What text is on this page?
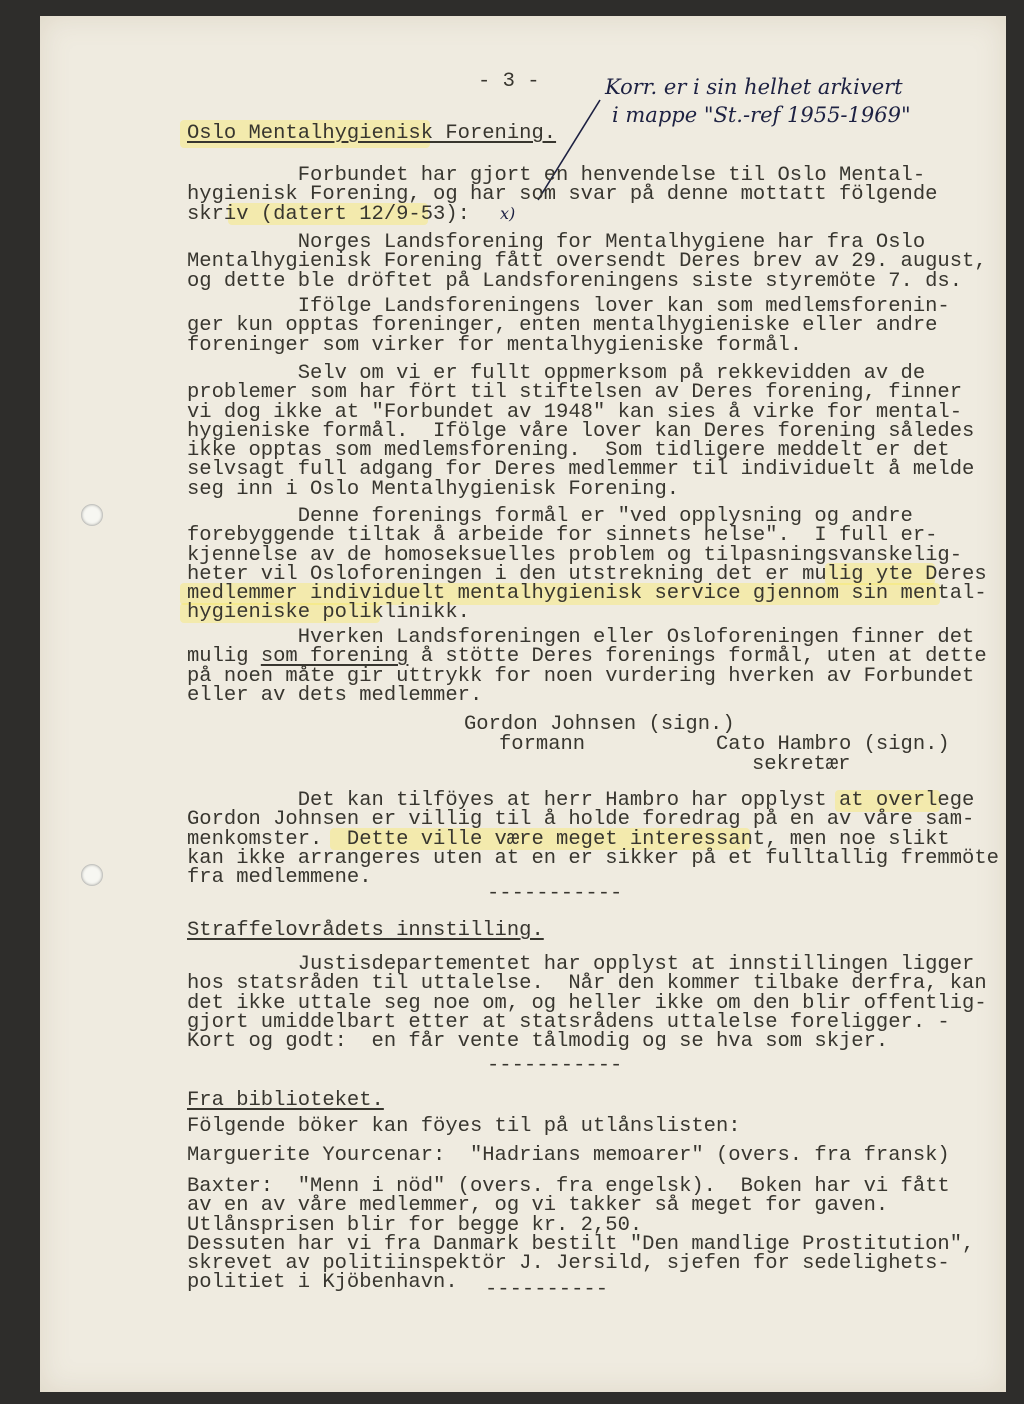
- 3 -	Korr. er i sin helhet arkivert
i mappe "St.-ref 1955-1969"
x)
Oslo Mentalhygienisk Forening.
Forbundet har gjort en henvendelse til Oslo Mental-
hygienisk Forening, og har som svar på denne mottatt fölgende
skriv (datert 12/9-53):
Norges Landsforening for Mentalhygiene har fra Oslo
Mentalhygienisk Forening fått oversendt Deres brev av 29. august,
og dette ble dröftet på Landsforeningens siste styremöte 7. ds.
Ifölge Landsforeningens lover kan som medlemsforenin-
ger kun opptas foreninger, enten mentalhygieniske eller andre
foreninger som virker for mentalhygieniske formål.
Selv om vi er fullt oppmerksom på rekkevidden av de
problemer som har fört til stiftelsen av Deres forening, finner
vi dog ikke at "Forbundet av 1948" kan sies å virke for mental-
hygieniske formål.  Ifölge våre lover kan Deres forening således
ikke opptas som medlemsforening.  Som tidligere meddelt er det
selvsagt full adgang for Deres medlemmer til individuelt å melde
seg inn i Oslo Mentalhygienisk Forening.
Denne forenings formål er "ved opplysning og andre
forebyggende tiltak å arbeide for sinnets helse".  I full er-
kjennelse av de homoseksuelles problem og tilpasningsvanskelig-
heter vil Osloforeningen i den utstrekning det er mulig yte Deres
medlemmer individuelt mentalhygienisk service gjennom sin mental-
hygieniske poliklinikk.
Hverken Landsforeningen eller Osloforeningen finner det
mulig som forening å stötte Deres forenings formål, uten at dette
på noen måte gir uttrykk for noen vurdering hverken av Forbundet
eller av dets medlemmer.
Gordon Johnsen (sign.)
formann	Cato Hambro (sign.)
sekretær
Det kan tilföyes at herr Hambro har opplyst at overlege
Gordon Johnsen er villig til å holde foredrag på en av våre sam-
menkomster.  Dette ville være meget interessant, men noe slikt
kan ikke arrangeres uten at en er sikker på et fulltallig fremmöte
fra medlemmene.
-----------
Straffelovrådets innstilling.
Justisdepartementet har opplyst at innstillingen ligger
hos statsråden til uttalelse.  Når den kommer tilbake derfra, kan
det ikke uttale seg noe om, og heller ikke om den blir offentlig-
gjort umiddelbart etter at statsrådens uttalelse foreligger. -
Kort og godt:  en får vente tålmodig og se hva som skjer.
-----------
Fra biblioteket.
Fölgende böker kan föyes til på utlånslisten:
Marguerite Yourcenar:  "Hadrians memoarer" (overs. fra fransk)
Baxter:  "Menn i nöd" (overs. fra engelsk).  Boken har vi fått
av en av våre medlemmer, og vi takker så meget for gaven.
Utlånsprisen blir for begge kr. 2,50.
Dessuten har vi fra Danmark bestilt "Den mandlige Prostitution",
skrevet av politiinspektör J. Jersild, sjefen for sedelighets-
politiet i Kjöbenhavn. ----------
